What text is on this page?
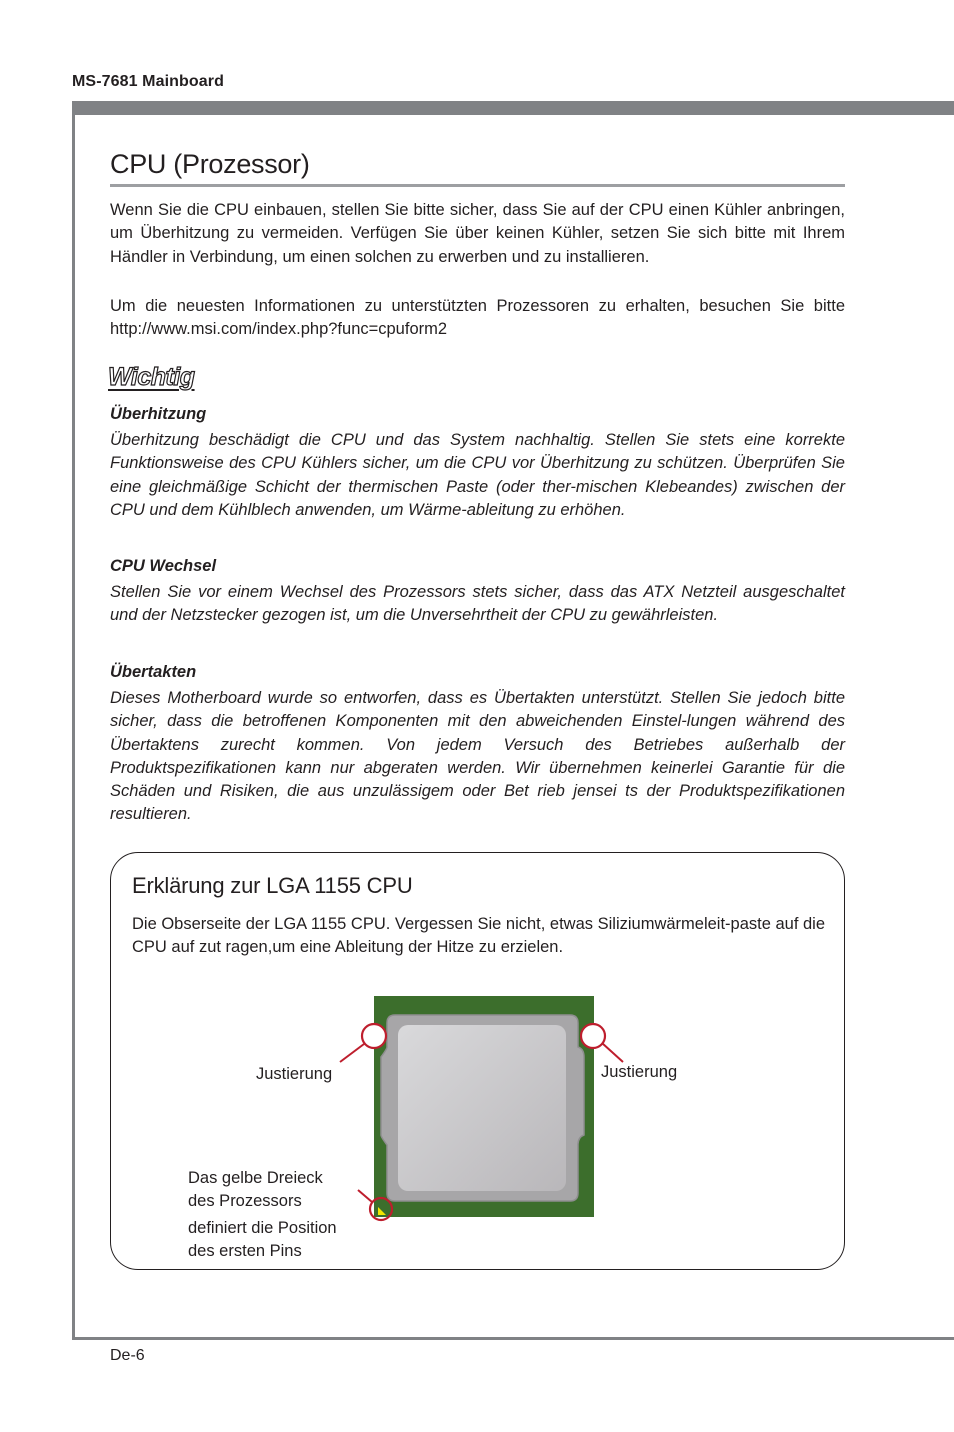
MS-7681 Mainboard
De-6
CPU (Prozessor)

Wenn Sie die CPU einbauen, stellen Sie bitte sicher, dass Sie auf der CPU einen Kühler anbringen, um Überhitzung zu vermeiden. Verfügen Sie über keinen Kühler, setzen Sie sich bitte mit Ihrem Händler in Verbindung, um einen solchen zu erwerben und zu installieren.

Um die neuesten Informationen zu unterstützten Prozessoren zu erhalten, besuchen Sie bitte http://www.msi.com/index.php?func=cpuform2

Wichtig
Überhitzung

Überhitzung beschädigt die CPU und das System nachhaltig. Stellen Sie stets eine korrekte Funktionsweise des CPU Kühlers sicher, um die CPU vor Überhitzung zu schützen. Überprüfen Sie eine gleichmäßige Schicht der thermischen Paste (oder ther-mischen Klebeandes) zwischen der CPU und dem Kühlblech anwenden, um Wärme-ableitung zu erhöhen.

CPU Wechsel

Stellen Sie vor einem Wechsel des Prozessors stets sicher, dass das ATX Netzteil ausgeschaltet und der Netzstecker gezogen ist, um die Unversehrtheit der CPU zu gewährleisten.

Übertakten

Dieses Motherboard wurde so entworfen, dass es Übertakten unterstützt. Stellen Sie jedoch bitte sicher, dass die betroffenen Komponenten mit den abweichenden Einstel-lungen während des Übertaktens zurecht kommen. Von jedem Versuch des Betriebes außerhalb der Produktspezifikationen kann nur abgeraten werden. Wir übernehmen keinerlei Garantie für die Schäden und Risiken, die aus unzulässigem oder Bet rieb jensei ts der Produktspezifikationen resultieren.

Erklärung zur LGA 1155 CPU

Die Obserseite der LGA 1155 CPU. Vergessen Sie nicht, etwas Siliziumwärmeleit-paste auf die CPU auf zut ragen,um eine Ableitung der Hitze zu erzielen.

Justierung	Justierung
Das gelbe Dreieck
des Prozessors
definiert die Position
des ersten Pins
